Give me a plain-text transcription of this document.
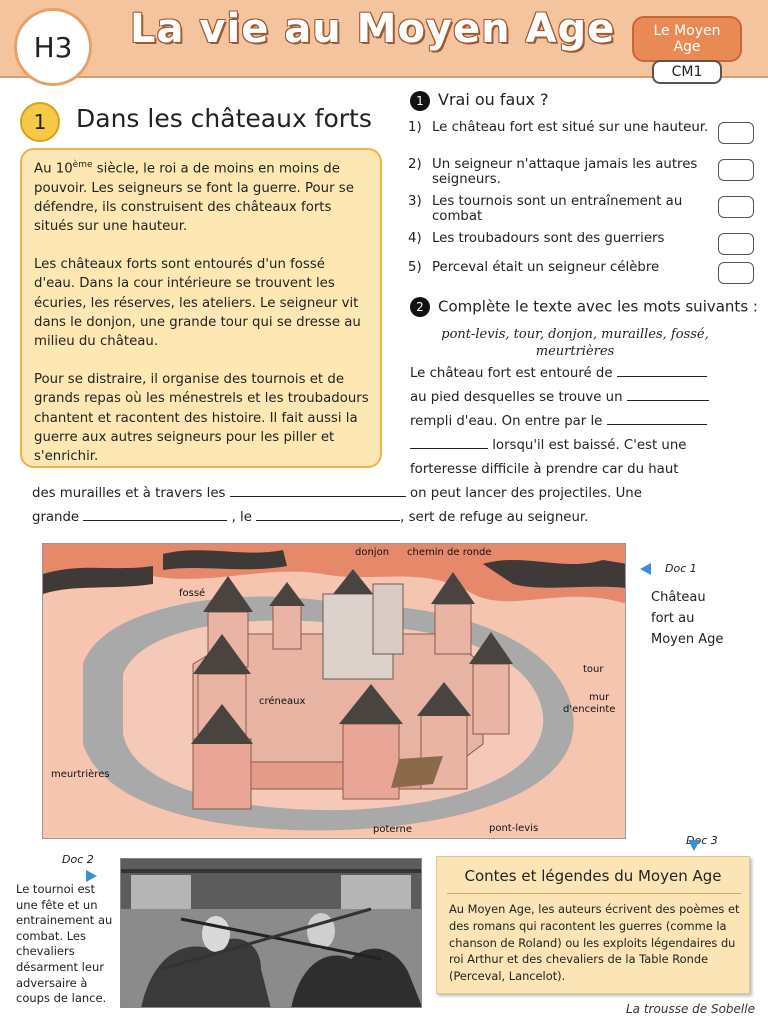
H3 La vie au Moyen Age	Le Moyen
Age
CM1
1 Dans les châteaux forts

Au 10ème siècle, le roi a de moins en moins de pouvoir. Les seigneurs se font la guerre. Pour se défendre, ils construisent des châteaux forts situés sur une hauteur.

Les châteaux forts sont entourés d'un fossé d'eau. Dans la cour intérieure se trouvent les écuries, les réserves, les ateliers. Le seigneur vit dans le donjon, une grande tour qui se dresse au milieu du château.

Pour se distraire, il organise des tournois et de grands repas où les ménestrels et les troubadours chantent et racontent des histoire. Il fait aussi la guerre aux autres seigneurs pour les piller et s'enrichir.

1 Vrai ou faux ?
1) Le château fort est situé sur une hauteur.
2) Un seigneur n'attaque jamais les autres seigneurs.
3) Les tournois sont un entraînement au combat
4) Les troubadours sont des guerriers
5) Perceval était un seigneur célèbre
2 Complète le texte avec les mots suivants :
pont-levis, tour, donjon, murailles, fossé,
meurtrières
Le château fort est entouré de
au pied desquelles se trouve un
rempli d'eau. On entre par le
lorsqu'il est baissé. C'est une
forteresse difficile à prendre car du haut
des murailles et à travers les	on peut lancer des projectiles. Une
grande	, le	, sert de refuge au seigneur.
donjon chemin de ronde
fossé
tour
mur
d'enceinte
créneaux
meurtrières
poterne	pont-levis
Doc 1
Château
fort au
Moyen Age
Doc 2
Le tournoi est une fête et un entrainement au combat. Les chevaliers désarment leur adversaire à coups de lance.
Doc 3
Contes et légendes du Moyen Age
Au Moyen Age, les auteurs écrivent des poèmes et des romans qui racontent les guerres (comme la chanson de Roland) ou les exploits légendaires du roi Arthur et des chevaliers de la Table Ronde (Perceval, Lancelot).
La trousse de Sobelle
